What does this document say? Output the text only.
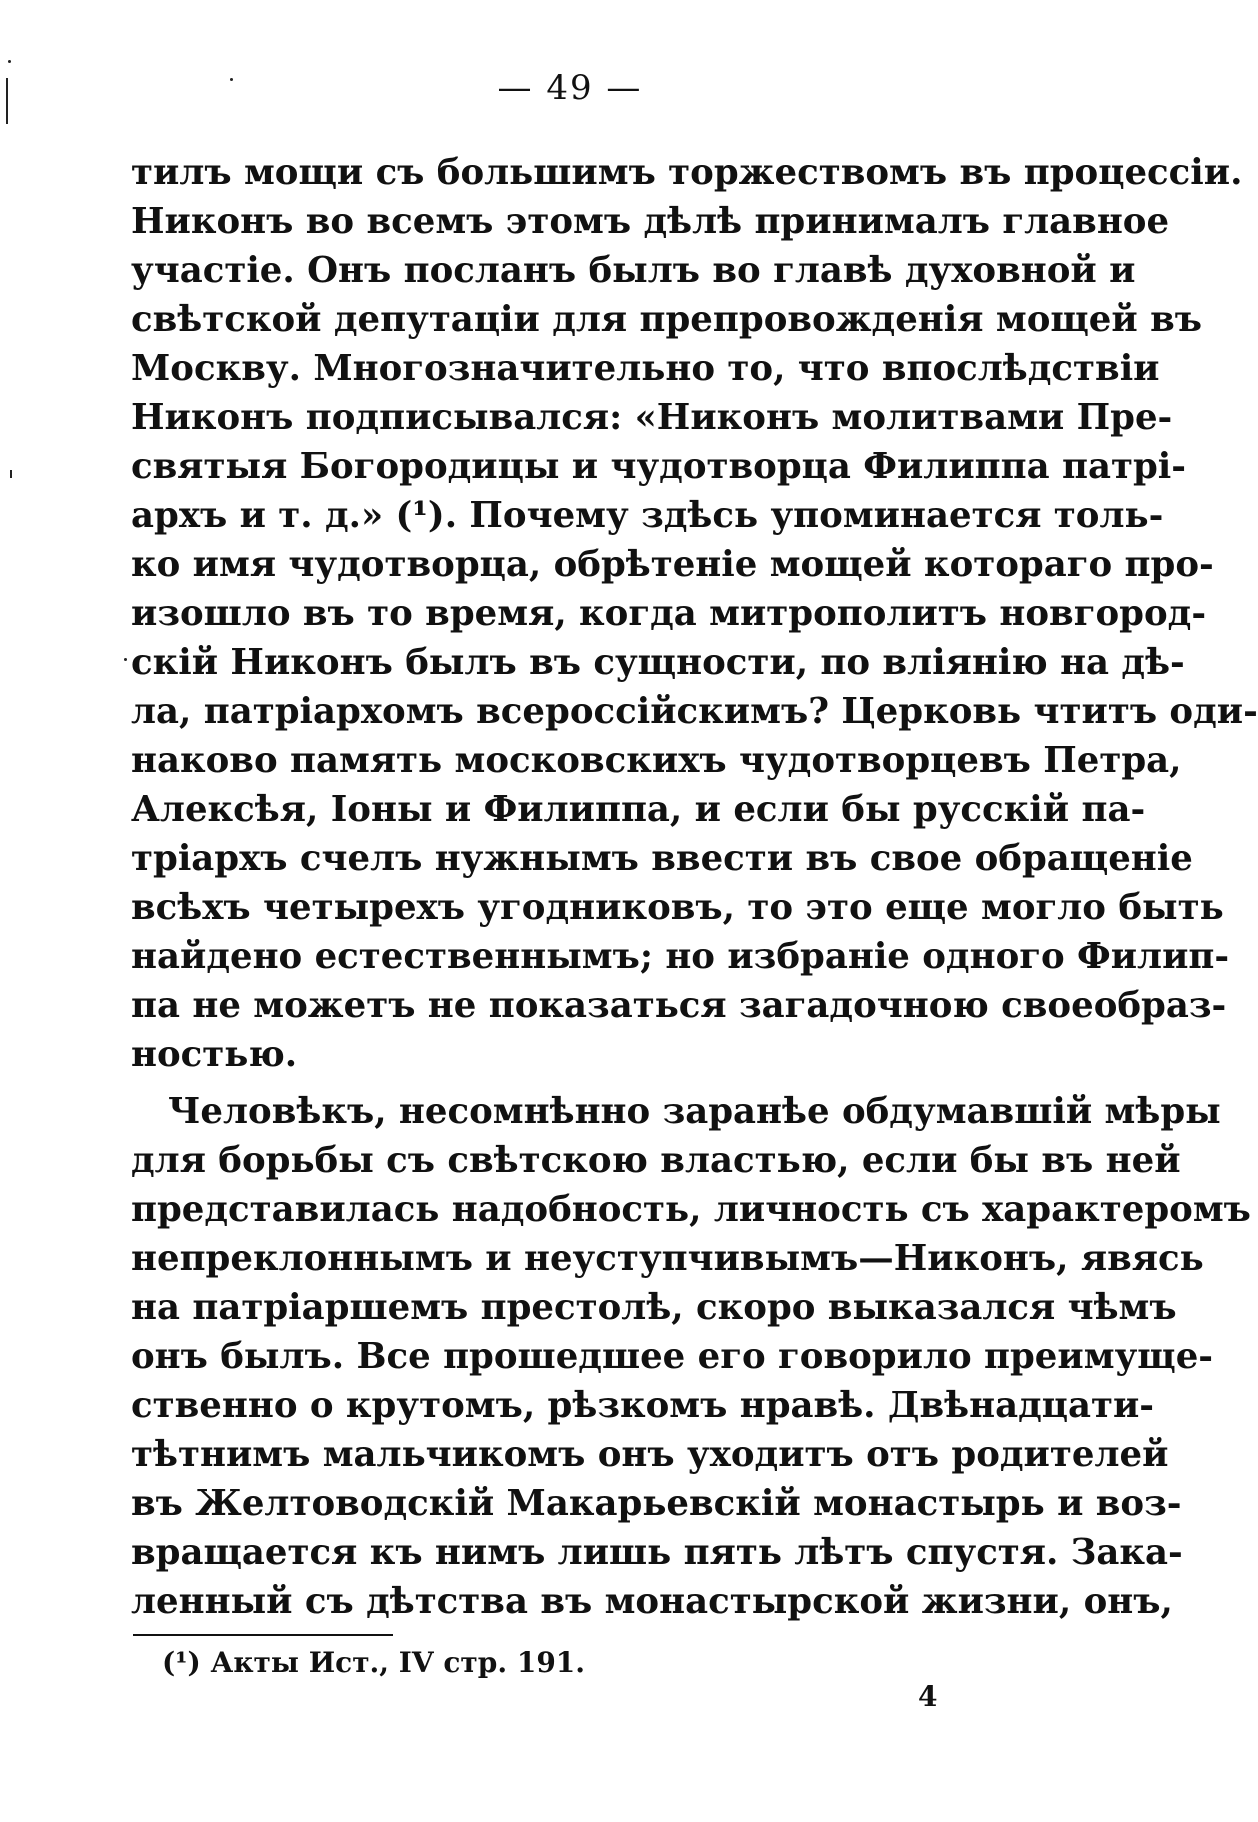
— 49 —
тилъ мощи съ большимъ торжествомъ въ процессіи.
Никонъ во всемъ этомъ дѣлѣ принималъ главное
участіе. Онъ посланъ былъ во главѣ духовной и
свѣтской депутаціи для препровожденія мощей въ
Москву. Многозначительно то, что впослѣдствіи
Никонъ подписывался: «Никонъ молитвами Пре-
святыя Богородицы и чудотворца Филиппа патрі-
архъ и т. д.» (¹). Почему здѣсь упоминается толь-
ко имя чудотворца, обрѣтеніе мощей котораго про-
изошло въ то время, когда митрополитъ новгород-
скій Никонъ былъ въ сущности, по вліянію на дѣ-
ла, патріархомъ всероссійскимъ? Церковь чтитъ оди-
наково память московскихъ чудотворцевъ Петра,
Алексѣя, Іоны и Филиппа, и если бы русскій па-
тріархъ счелъ нужнымъ ввести въ свое обращеніе
всѣхъ четырехъ угодниковъ, то это еще могло быть
найдено естественнымъ; но избраніе одного Филип-
па не можетъ не показаться загадочною своеобраз-
ностью.
Человѣкъ, несомнѣнно заранѣе обдумавшій мѣры
для борьбы съ свѣтскою властью, если бы въ ней
представилась надобность, личность съ характеромъ
непреклоннымъ и неуступчивымъ—Никонъ, явясь
на патріаршемъ престолѣ, скоро выказался чѣмъ
онъ былъ. Все прошедшее его говорило преимуще-
ственно о крутомъ, рѣзкомъ нравѣ. Двѣнадцати-
тѣтнимъ мальчикомъ онъ уходитъ отъ родителей
въ Желтоводскій Макарьевскій монастырь и воз-
вращается къ нимъ лишь пять лѣтъ спустя. Зака-
ленный съ дѣтства въ монастырской жизни, онъ,
(¹) Акты Ист., IV стр. 191.
4
